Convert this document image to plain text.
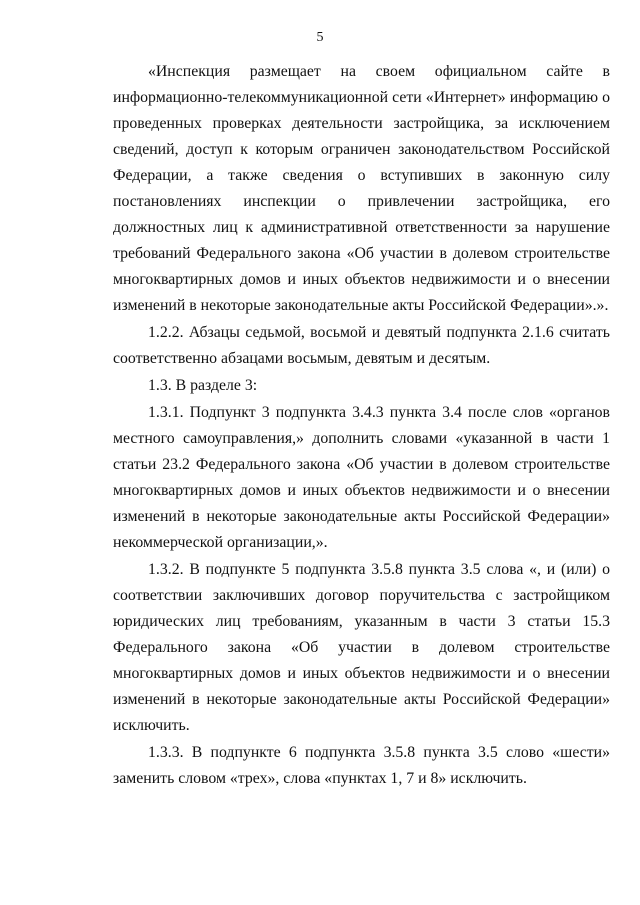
5

«Инспекция размещает на своем официальном сайте в информационно-телекоммуникационной сети «Интернет» информацию о проведенных проверках деятельности застройщика, за исключением сведений, доступ к которым ограничен законодательством Российской Федерации, а также сведения о вступивших в законную силу постановлениях инспекции о привлечении застройщика, его должностных лиц к административной ответственности за нарушение требований Федерального закона «Об участии в долевом строительстве многоквартирных домов и иных объектов недвижимости и о внесении изменений в некоторые законодательные акты Российской Федерации».».

1.2.2. Абзацы седьмой, восьмой и девятый подпункта 2.1.6 считать соответственно абзацами восьмым, девятым и десятым.

1.3. В разделе 3:

1.3.1. Подпункт 3 подпункта 3.4.3 пункта 3.4 после слов «органов местного самоуправления,» дополнить словами «указанной в части 1 статьи 23.2 Федерального закона «Об участии в долевом строительстве многоквартирных домов и иных объектов недвижимости и о внесении изменений в некоторые законодательные акты Российской Федерации» некоммерческой организации,».

1.3.2. В подпункте 5 подпункта 3.5.8 пункта 3.5 слова «, и (или) о соответствии заключивших договор поручительства с застройщиком юридических лиц требованиям, указанным в части 3 статьи 15.3 Федерального закона «Об участии в долевом строительстве многоквартирных домов и иных объектов недвижимости и о внесении изменений в некоторые законодательные акты Российской Федерации» исключить.

1.3.3. В подпункте 6 подпункта 3.5.8 пункта 3.5 слово «шести» заменить словом «трех», слова «пунктах 1, 7 и 8» исключить.
